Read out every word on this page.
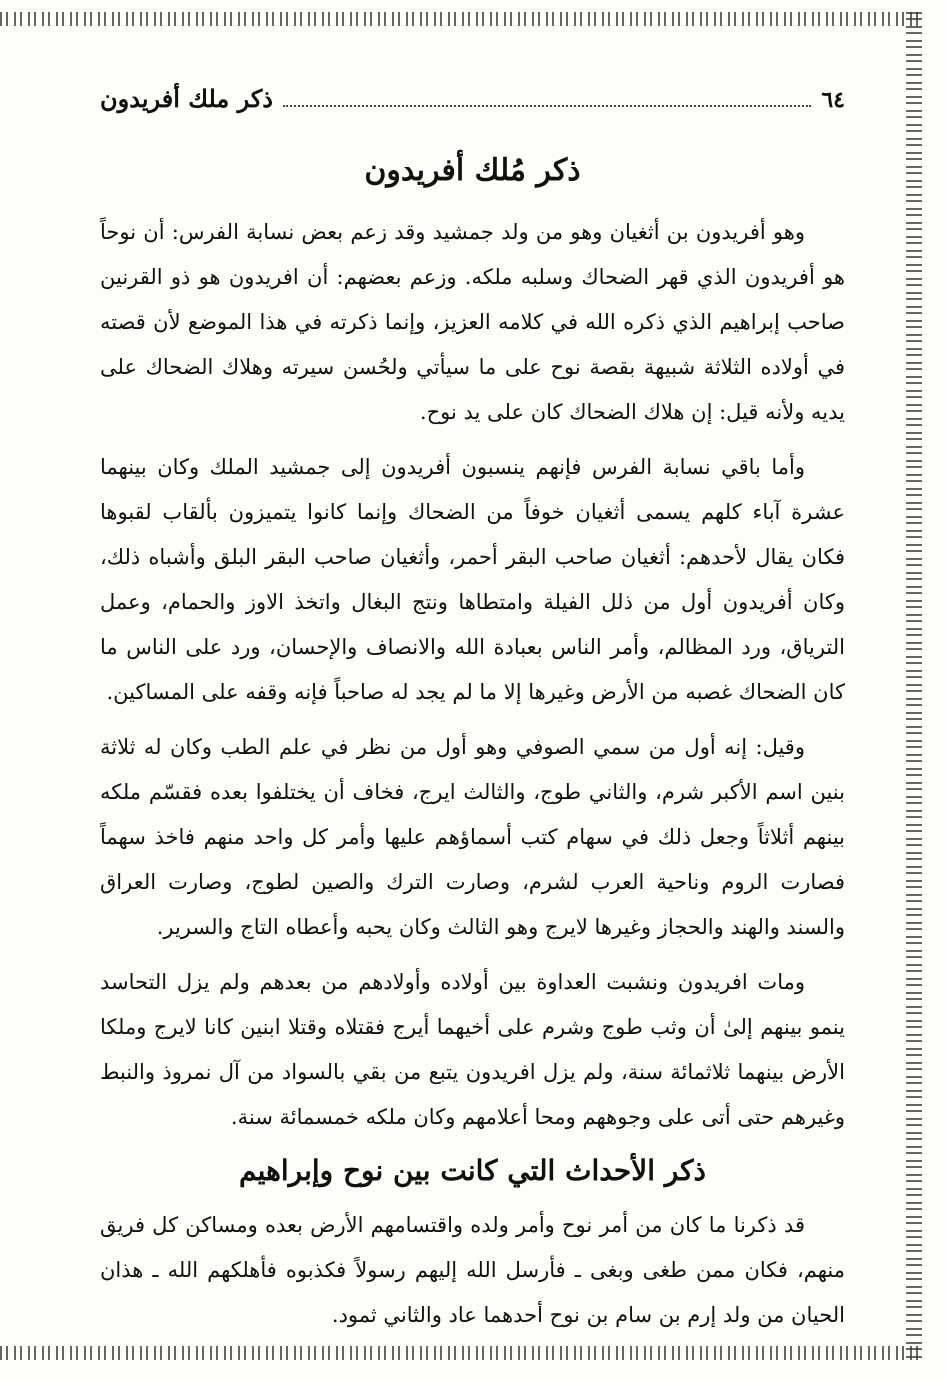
٦٤
ذكر ملك أفريدون
ذكر مُلك أفريدون

وهو أفريدون بن أثغيان وهو من ولد جمشيد وقد زعم بعض نسابة الفرس: أن نوحاً هو أفريدون الذي قهر الضحاك وسلبه ملكه. وزعم بعضهم: أن افريدون هو ذو القرنين صاحب إبراهيم الذي ذكره الله في كلامه العزيز، وإنما ذكرته في هذا الموضع لأن قصته في أولاده الثلاثة شبيهة بقصة نوح على ما سيأتي ولحُسن سيرته وهلاك الضحاك على يديه ولأنه قيل: إن هلاك الضحاك كان على يد نوح.

وأما باقي نسابة الفرس فإنهم ينسبون أفريدون إلى جمشيد الملك وكان بينهما عشرة آباء كلهم يسمى أثغيان خوفاً من الضحاك وإنما كانوا يتميزون بألقاب لقبوها فكان يقال لأحدهم: أثغيان صاحب البقر أحمر، وأثغيان صاحب البقر البلق وأشباه ذلك، وكان أفريدون أول من ذلل الفيلة وامتطاها ونتج البغال واتخذ الاوز والحمام، وعمل الترياق، ورد المظالم، وأمر الناس بعبادة الله والانصاف والإحسان، ورد على الناس ما كان الضحاك غصبه من الأرض وغيرها إلا ما لم يجد له صاحباً فإنه وقفه على المساكين.

وقيل: إنه أول من سمي الصوفي وهو أول من نظر في علم الطب وكان له ثلاثة بنين اسم الأكبر شرم، والثاني طوج، والثالث ايرج، فخاف أن يختلفوا بعده فقسّم ملكه بينهم أثلاثاً وجعل ذلك في سهام كتب أسماؤهم عليها وأمر كل واحد منهم فاخذ سهماً فصارت الروم وناحية العرب لشرم، وصارت الترك والصين لطوج، وصارت العراق والسند والهند والحجاز وغيرها لايرج وهو الثالث وكان يحبه وأعطاه التاج والسرير.

ومات افريدون ونشبت العداوة بين أولاده وأولادهم من بعدهم ولم يزل التحاسد ينمو بينهم إلىٰ أن وثب طوج وشرم على أخيهما أيرج فقتلاه وقتلا ابنين كانا لايرج وملكا الأرض بينهما ثلاثمائة سنة، ولم يزل افريدون يتبع من بقي بالسواد من آل نمروذ والنبط وغيرهم حتى أتى على وجوههم ومحا أعلامهم وكان ملكه خمسمائة سنة.

ذكر الأحداث التي كانت بين نوح وإبراهيم

قد ذكرنا ما كان من أمر نوح وأمر ولده واقتسامهم الأرض بعده ومساكن كل فريق منهم، فكان ممن طغى وبغى ـ فأرسل الله إليهم رسولاً فكذبوه فأهلكهم الله ـ هذان الحيان من ولد إرم بن سام بن نوح أحدهما عاد والثاني ثمود.
